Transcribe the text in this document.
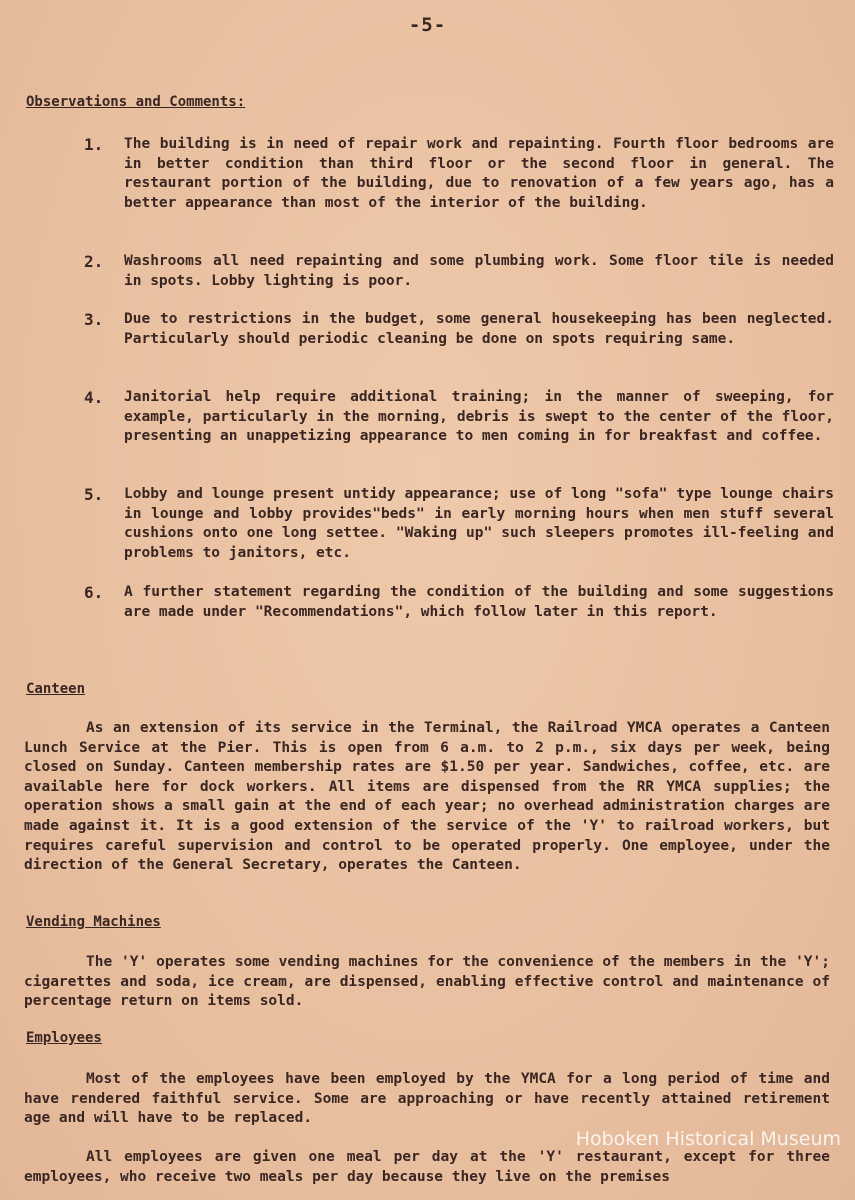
-5-
Observations and Comments:
1. The building is in need of repair work and repainting. Fourth floor bedrooms are in better condition than third floor or the second floor in general. The restaurant portion of the building, due to renovation of a few years ago, has a better appearance than most of the interior of the building.
2. Washrooms all need repainting and some plumbing work. Some floor tile is needed in spots. Lobby lighting is poor.
3. Due to restrictions in the budget, some general housekeeping has been neglected. Particularly should periodic cleaning be done on spots requiring same.
4. Janitorial help require additional training; in the manner of sweeping, for example, particularly in the morning, debris is swept to the center of the floor, presenting an unappetizing appearance to men coming in for breakfast and coffee.
5. Lobby and lounge present untidy appearance; use of long "sofa" type lounge chairs in lounge and lobby provides"beds" in early morning hours when men stuff several cushions onto one long settee. "Waking up" such sleepers promotes ill-feeling and problems to janitors, etc.
6. A further statement regarding the condition of the building and some suggestions are made under "Recommendations", which follow later in this report.
Canteen
As an extension of its service in the Terminal, the Railroad YMCA operates a Canteen Lunch Service at the Pier. This is open from 6 a.m. to 2 p.m., six days per week, being closed on Sunday. Canteen membership rates are $1.50 per year. Sandwiches, coffee, etc. are available here for dock workers. All items are dispensed from the RR YMCA supplies; the operation shows a small gain at the end of each year; no overhead administration charges are made against it. It is a good extension of the service of the 'Y' to railroad workers, but requires careful supervision and control to be operated properly. One employee, under the direction of the General Secretary, operates the Canteen.
Vending Machines
The 'Y' operates some vending machines for the convenience of the members in the 'Y'; cigarettes and soda, ice cream, are dispensed, enabling effective control and maintenance of percentage return on items sold.
Employees
Most of the employees have been employed by the YMCA for a long period of time and have rendered faithful service. Some are approaching or have recently attained retirement age and will have to be replaced.
All employees are given one meal per day at the 'Y' restaurant, except for three employees, who receive two meals per day because they live on the premises
Hoboken Historical Museum
